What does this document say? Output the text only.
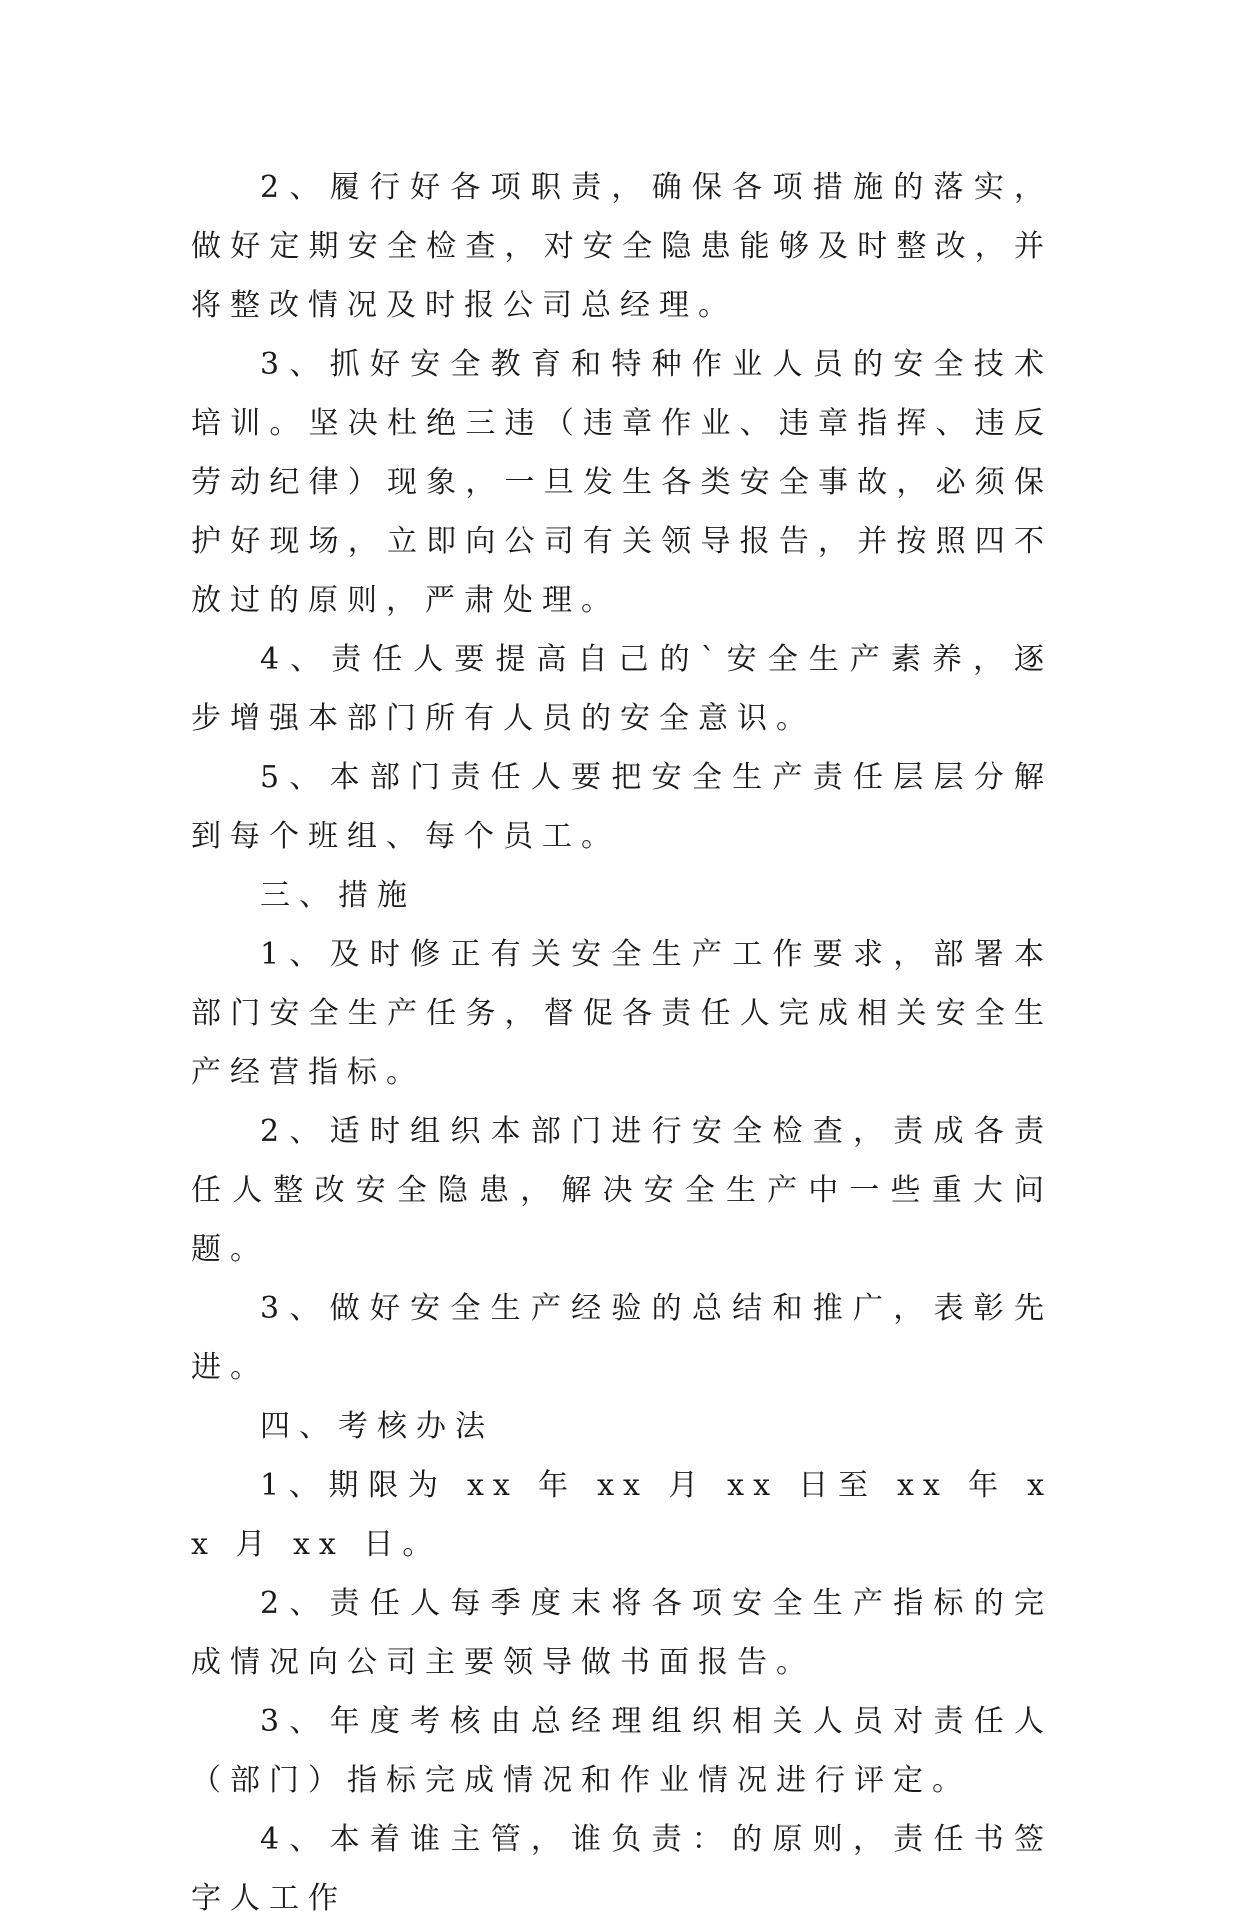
2、履行好各项职责，确保各项措施的落实，做好定期安全检查，对安全隐患能够及时整改，并将整改情况及时报公司总经理。

3、抓好安全教育和特种作业人员的安全技术培训。坚决杜绝三违（违章作业、违章指挥、违反劳动纪律）现象，一旦发生各类安全事故，必须保护好现场，立即向公司有关领导报告，并按照四不放过的原则，严肃处理。

4、责任人要提高自己的`安全生产素养，逐步增强本部门所有人员的安全意识。

5、本部门责任人要把安全生产责任层层分解到每个班组、每个员工。

三、措施

1、及时修正有关安全生产工作要求，部署本部门安全生产任务，督促各责任人完成相关安全生产经营指标。

2、适时组织本部门进行安全检查，责成各责任人整改安全隐患，解决安全生产中一些重大问题。

3、做好安全生产经验的总结和推广，表彰先进。

四、考核办法

1、期限为 xx 年 xx 月 xx 日至 xx 年 xx 月 xx 日。

2、责任人每季度末将各项安全生产指标的完成情况向公司主要领导做书面报告。

3、年度考核由总经理组织相关人员对责任人（部门）指标完成情况和作业情况进行评定。

4、本着谁主管，谁负责：的原则，责任书签字人工作
